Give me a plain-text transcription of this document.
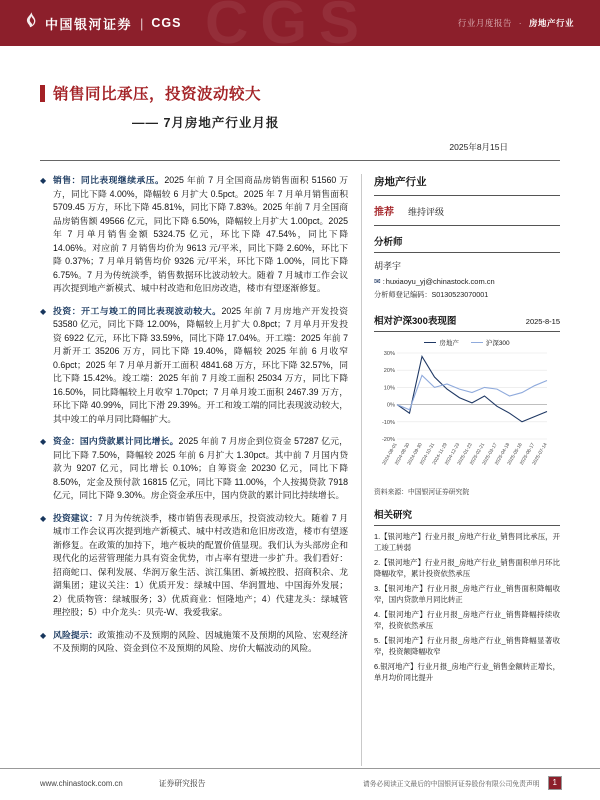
中国银河证券 | CGS CGS	行业月度报告 · 房地产行业
销售同比承压，投资波动较大
—— 7月房地产行业月报
2025年8月15日
◆ 销售：同比表现继续承压。2025 年前 7 月全国商品房销售面积 51560 万方，同比下降 4.00%，降幅较 6 月扩大 0.5pct。2025 年 7 月单月销售面积 5709.45 万方，环比下降 45.81%，同比下降 7.83%。2025 年前 7 月全国商品房销售额 49566 亿元，同比下降 6.50%，降幅较上月扩大 1.00pct。2025 年 7 月单月销售金额 5324.75 亿元，环比下降 47.54%，同比下降 14.06%。对应前 7 月销售均价为 9613 元/平米，同比下降 2.60%，环比下降 0.37%；7 月单月销售均价 9326 元/平米，环比下降 1.00%，同比下降 6.75%。7 月为传统淡季，销售数据环比波动较大。随着 7 月城市工作会议再次提到地产新模式、城中村改造和危旧房改造，楼市有望逐渐修复。

◆ 投资：开工与竣工的同比表现波动较大。2025 年前 7 月房地产开发投资 53580 亿元，同比下降 12.00%，降幅较上月扩大 0.8pct；7 月单月开发投资 6922 亿元，环比下降 33.59%，同比下降 17.04%。开工端：2025 年前 7 月新开工 35206 万方，同比下降 19.40%，降幅较 2025 年前 6 月收窄 0.6pct；2025 年 7 月单月新开工面积 4841.68 万方，环比下降 32.57%，同比下降 15.42%。竣工端：2025 年前 7 月竣工面积 25034 万方，同比下降 16.50%，同比降幅较上月收窄 1.70pct；7 月单月竣工面积 2467.39 万方，环比下降 40.99%，同比下滑 29.39%。开工和竣工端的同比表现波动较大，其中竣工的单月同比降幅扩大。

◆ 资金：国内贷款累计同比增长。2025 年前 7 月房企到位资金 57287 亿元，同比下降 7.50%，降幅较 2025 年前 6 月扩大 1.30pct。其中前 7 月国内贷款为 9207 亿元，同比增长 0.10%；自筹资金 20230 亿元，同比下降 8.50%，定金及预付款 16815 亿元，同比下降 11.00%，个人按揭贷款 7918 亿元，同比下降 9.30%。房企资金承压中，国内贷款的累计同比持续增长。

◆ 投资建议：7 月为传统淡季，楼市销售表现承压，投资波动较大。随着 7 月城市工作会议再次提到地产新模式、城中村改造和危旧房改造，楼市有望逐渐修复。在政策的加持下，地产板块的配置价值显现。我们认为头部房企和现代化的运营管理能力具有资金优势，市占率有望进一步扩升。我们看好：招商蛇口、保利发展、华润万象生活、滨江集团、新城控股、招商积余、龙湖集团；建议关注：1）优质开发：绿城中国、华润置地、中国海外发展；2）优质物管：绿城服务；3）优质商业：恒隆地产；4）代建龙头：绿城管理控股；5）中介龙头：贝壳-W、我爱我家。

◆ 风险提示：政策推动不及预期的风险、因城施策不及预期的风险、宏观经济不及预期的风险、资金到位不及预期的风险、房价大幅波动的风险。

房地产行业
推荐 维持评级
分析师
胡孝宇
✉ : huxiaoyu_yj@chinastock.com.cn
分析师登记编码：S0130523070001
相对沪深300表现图	2025-8-15
房地产	沪深300
30%
20%
10%
0%
-10%
-20%
2024-08-01
2024-08-30
2024-09-30
2024-10-31
2024-11-29
2024-12-23
2025-01-23
2025-02-21
2025-03-17
2025-04-18
2025-05-16
2025-06-17
2025-07-14
资料来源：中国银河证券研究院
相关研究
1.【银河地产】行业月报_房地产行业_销售同比承压，开工竣工转弱
2.【银河地产】行业月报_房地产行业_销售面积单月环比降幅收窄，累计投资依然承压
3.【银河地产】行业月报_房地产行业_销售面积降幅收窄，国内贷款单月同比转正
4.【银河地产】行业月报_房地产行业_销售降幅持续收窄，投资依然承压
5.【银河地产】行业月报_房地产行业_销售降幅显著收窄，投资额降幅收窄
6.银河地产】行业月报_房地产行业_销售金额转正增长，单月均价同比提升
www.chinastock.com.cn	证券研究报告	请务必阅读正文最后的中国银河证券股份有限公司免责声明	1
